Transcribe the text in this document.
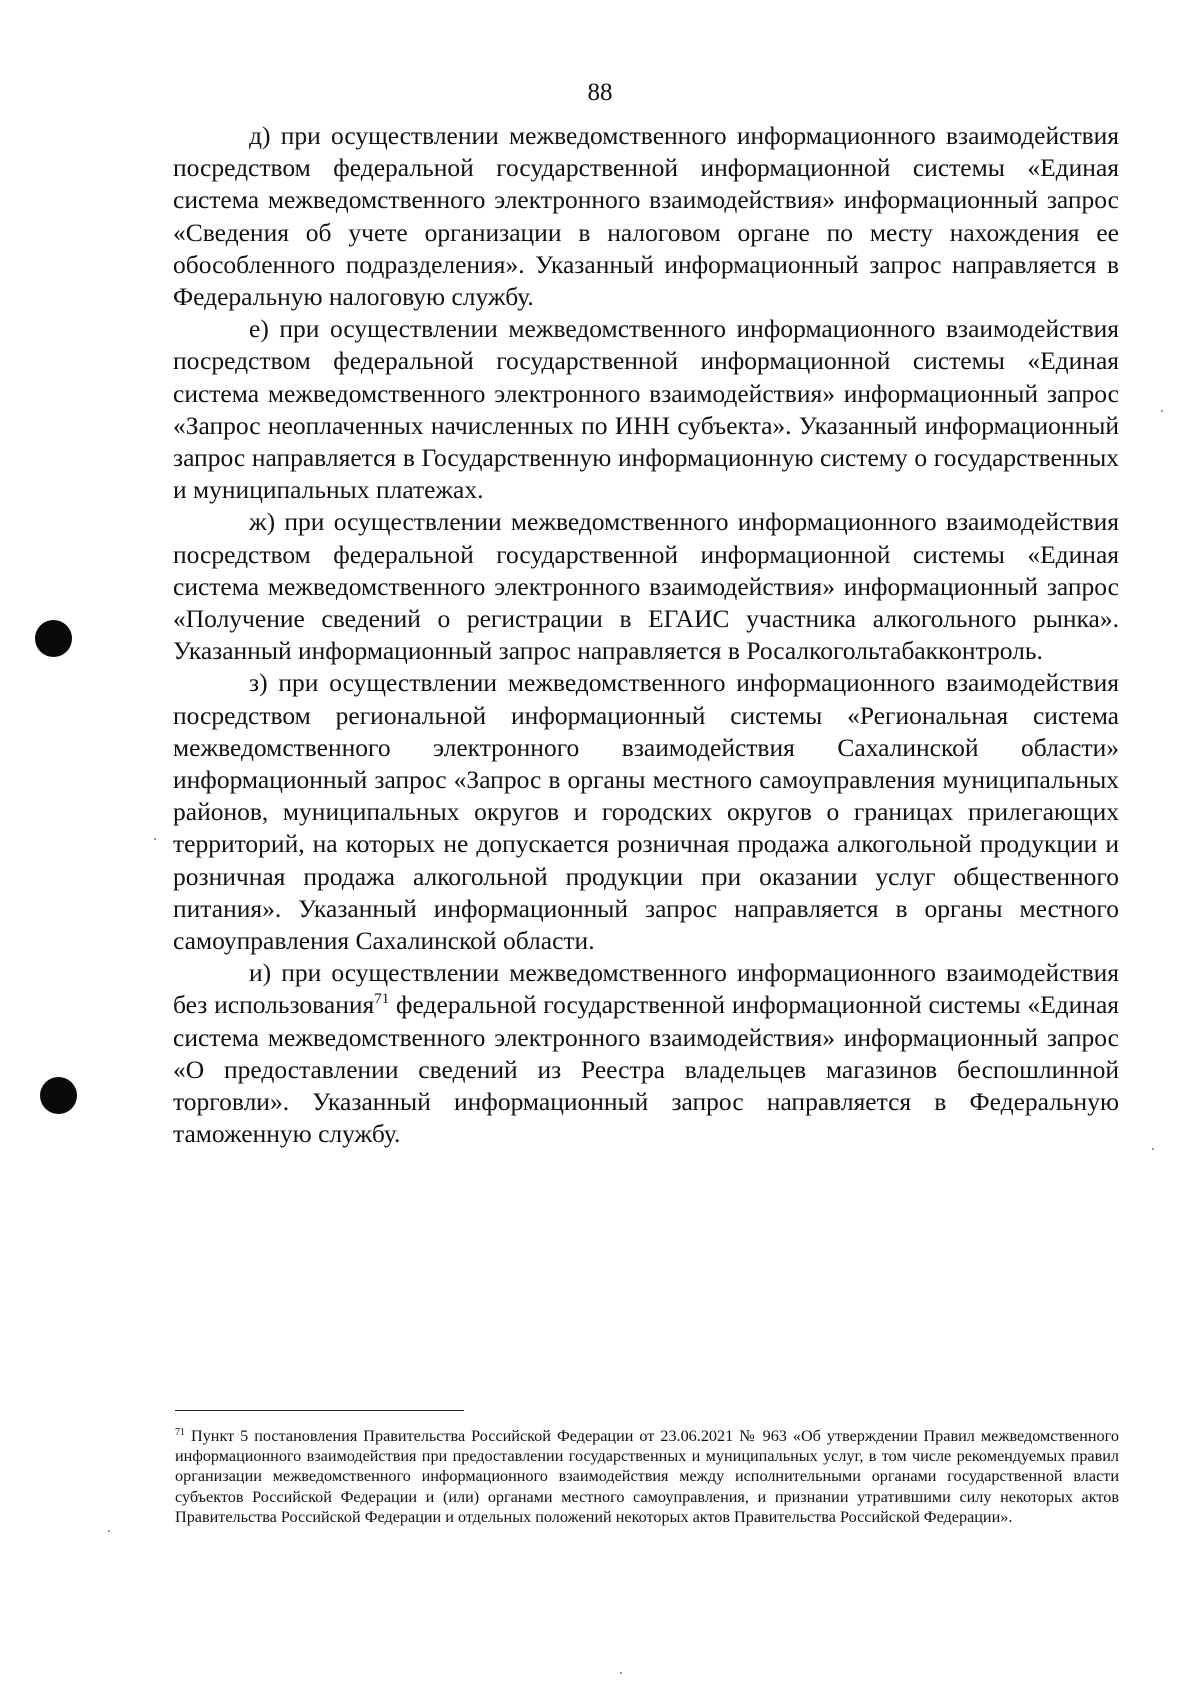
88

д) при осуществлении межведомственного информационного взаимодействия посредством федеральной государственной информационной системы «Единая система межведомственного электронного взаимодействия» информационный запрос «Сведения об учете организации в налоговом органе по месту нахождения ее обособленного подразделения». Указанный информационный запрос направляется в Федеральную налоговую службу.

е) при осуществлении межведомственного информационного взаимодействия посредством федеральной государственной информационной системы «Единая система межведомственного электронного взаимодействия» информационный запрос «Запрос неоплаченных начисленных по ИНН субъекта». Указанный информационный запрос направляется в Государственную информационную систему о государственных и муниципальных платежах.

ж) при осуществлении межведомственного информационного взаимодействия посредством федеральной государственной информационной системы «Единая система межведомственного электронного взаимодействия» информационный запрос «Получение сведений о регистрации в ЕГАИС участника алкогольного рынка». Указанный информационный запрос направляется в Росалкогольтабакконтроль.

з) при осуществлении межведомственного информационного взаимодействия посредством региональной информационный системы «Региональная система межведомственного электронного взаимодействия Сахалинской области» информационный запрос «Запрос в органы местного самоуправления муниципальных районов, муниципальных округов и городских округов о границах прилегающих территорий, на которых не допускается розничная продажа алкогольной продукции и розничная продажа алкогольной продукции при оказании услуг общественного питания». Указанный информационный запрос направляется в органы местного самоуправления Сахалинской области.

и) при осуществлении межведомственного информационного взаимодействия без использования$^{71}$ федеральной государственной информационной системы «Единая система межведомственного электронного взаимодействия» информационный запрос «О предоставлении сведений из Реестра владельцев магазинов беспошлинной торговли». Указанный информационный запрос направляется в Федеральную таможенную службу.

$^{71}$ Пункт 5 постановления Правительства Российской Федерации от 23.06.2021 № 963 «Об утверждении Правил межведомственного информационного взаимодействия при предоставлении государственных и муниципальных услуг, в том числе рекомендуемых правил организации межведомственного информационного взаимодействия между исполнительными органами государственной власти субъектов Российской Федерации и (или) органами местного самоуправления, и признании утратившими силу некоторых актов Правительства Российской Федерации и отдельных положений некоторых актов Правительства Российской Федерации».
